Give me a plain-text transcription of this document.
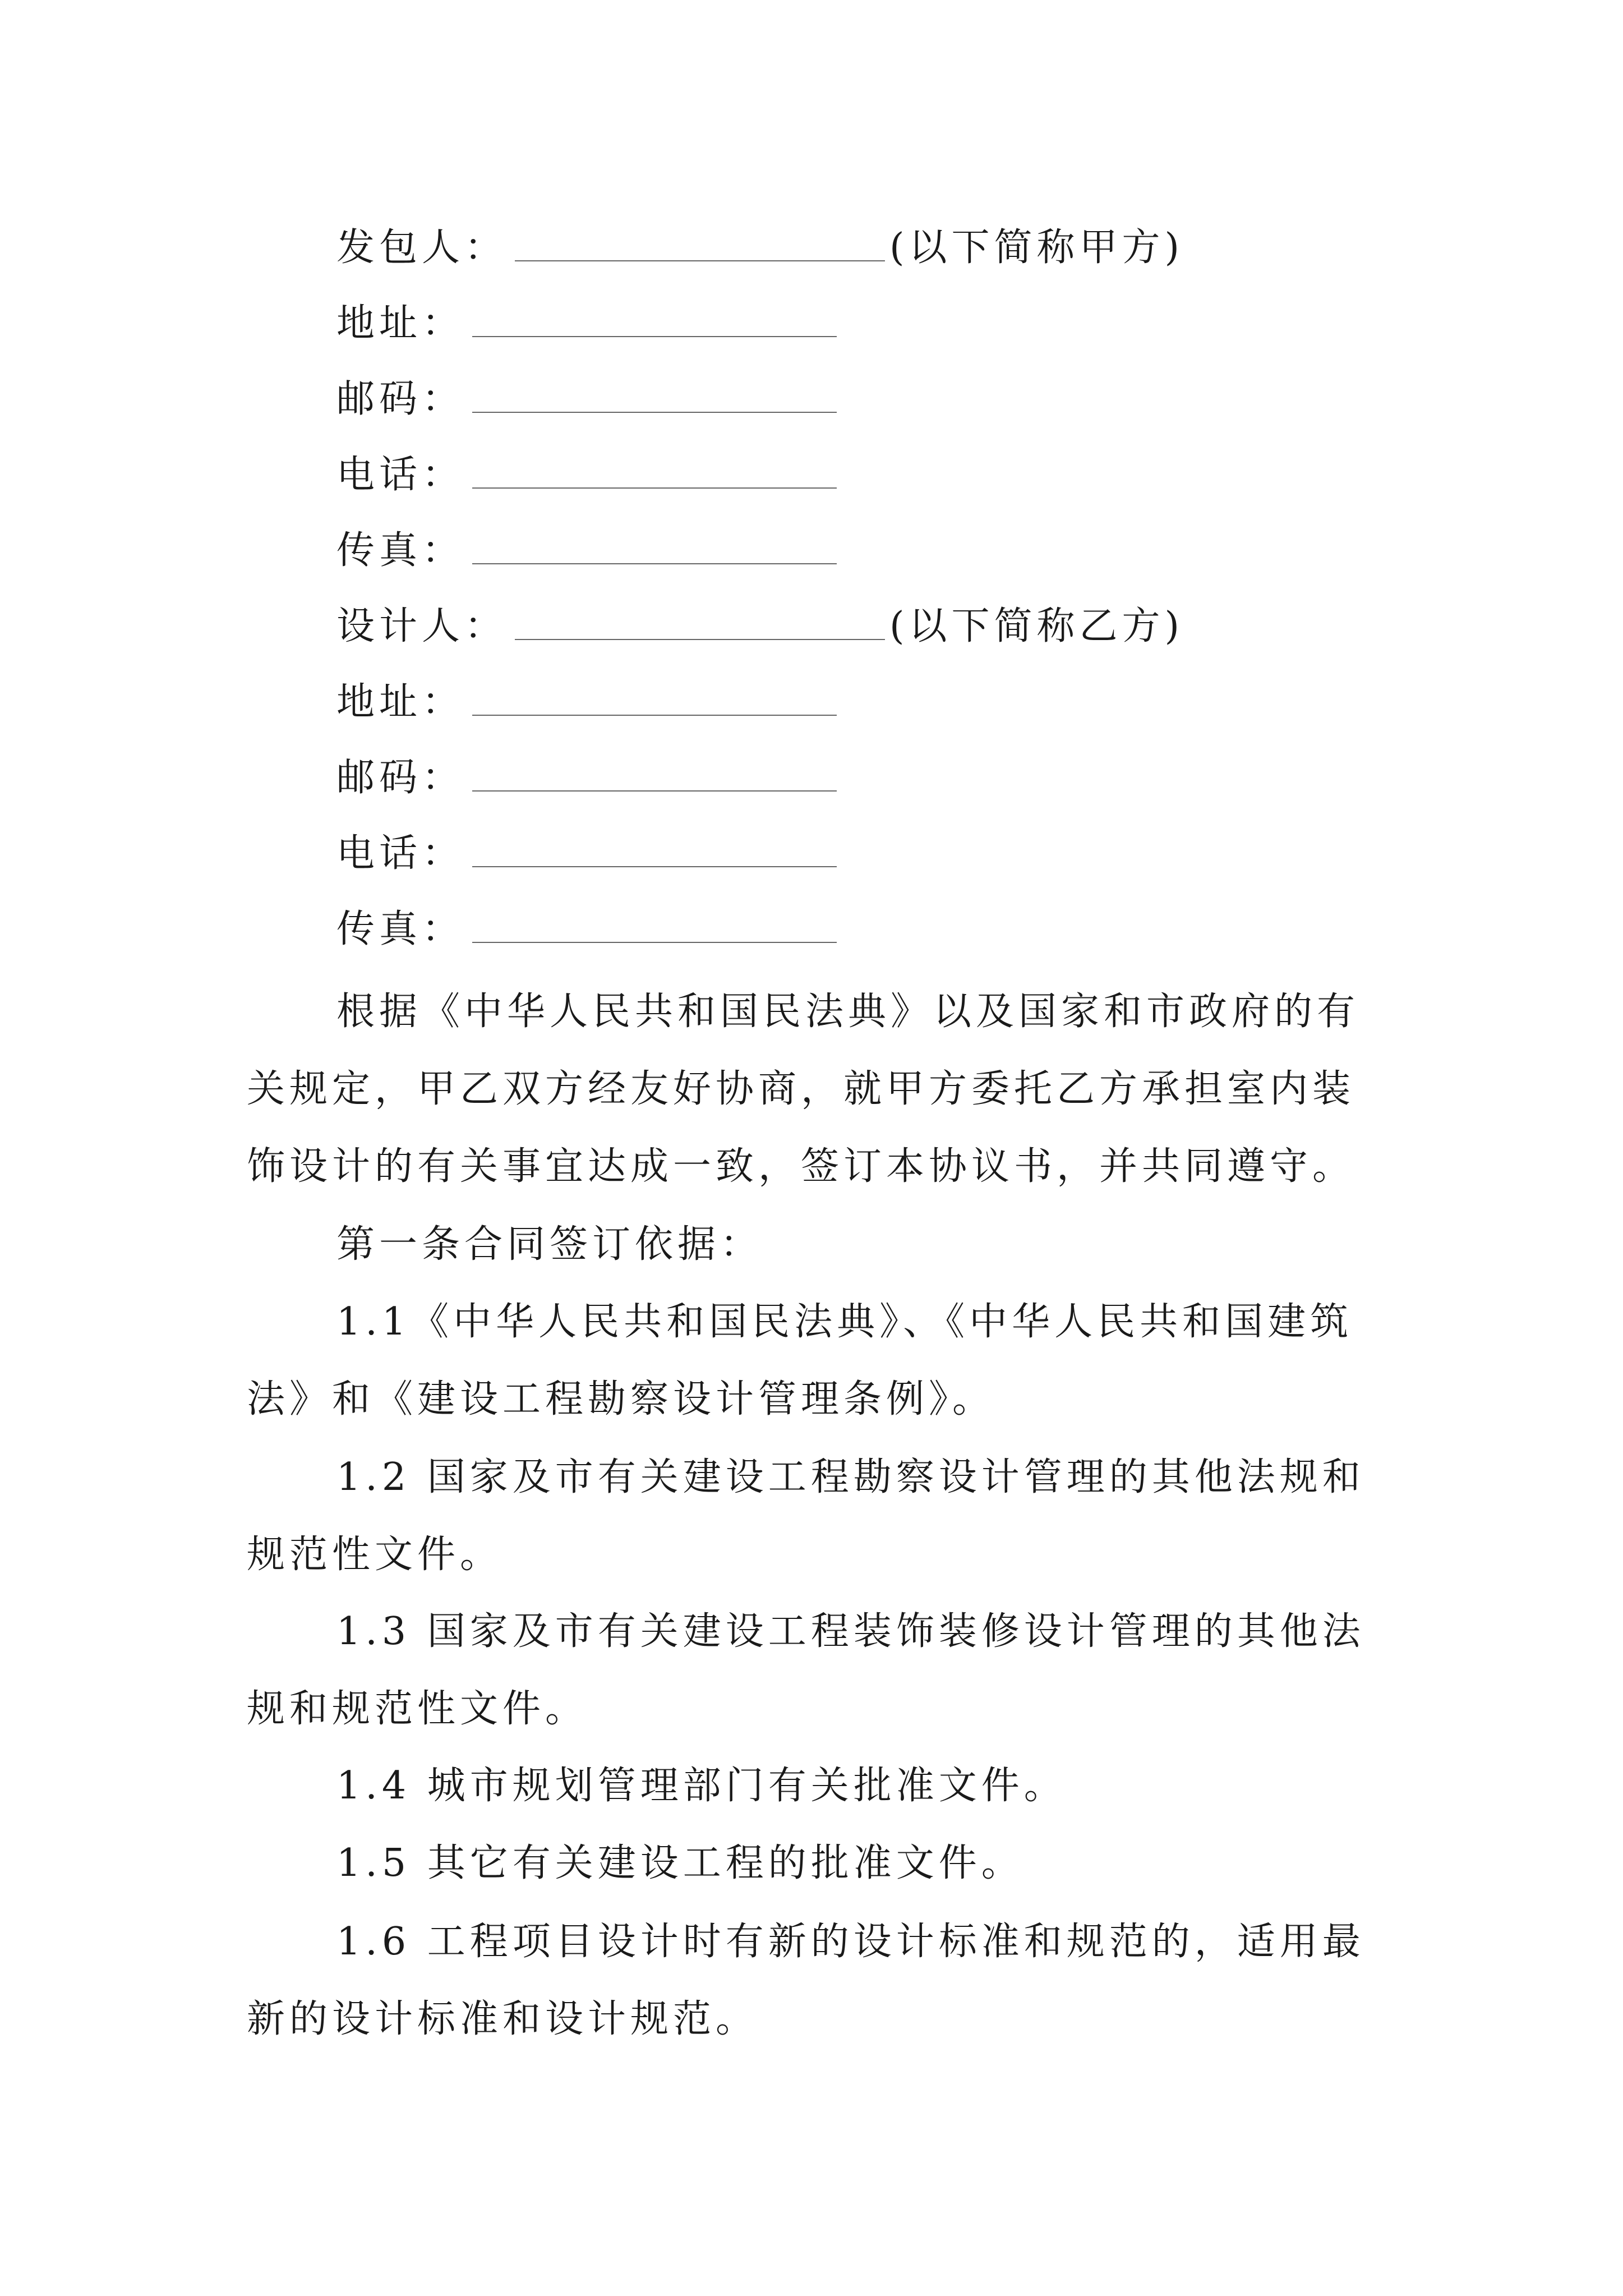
发包人：	(以下简称甲方)
地址：
邮码：
电话：
传真：
设计人：	(以下简称乙方)
地址：
邮码：
电话：
传真：

根据《中华人民共和国民法典》以及国家和市政府的有关规定，甲乙双方经友好协商，就甲方委托乙方承担室内装饰设计的有关事宜达成一致，签订本协议书，并共同遵守。

第一条合同签订依据：

1.1《中华人民共和国民法典》、《中华人民共和国建筑法》和《建设工程勘察设计管理条例》。

1.2 国家及市有关建设工程勘察设计管理的其他法规和规范性文件。

1.3 国家及市有关建设工程装饰装修设计管理的其他法规和规范性文件。

1.4 城市规划管理部门有关批准文件。

1.5 其它有关建设工程的批准文件。

1.6 工程项目设计时有新的设计标准和规范的，适用最新的设计标准和设计规范。
